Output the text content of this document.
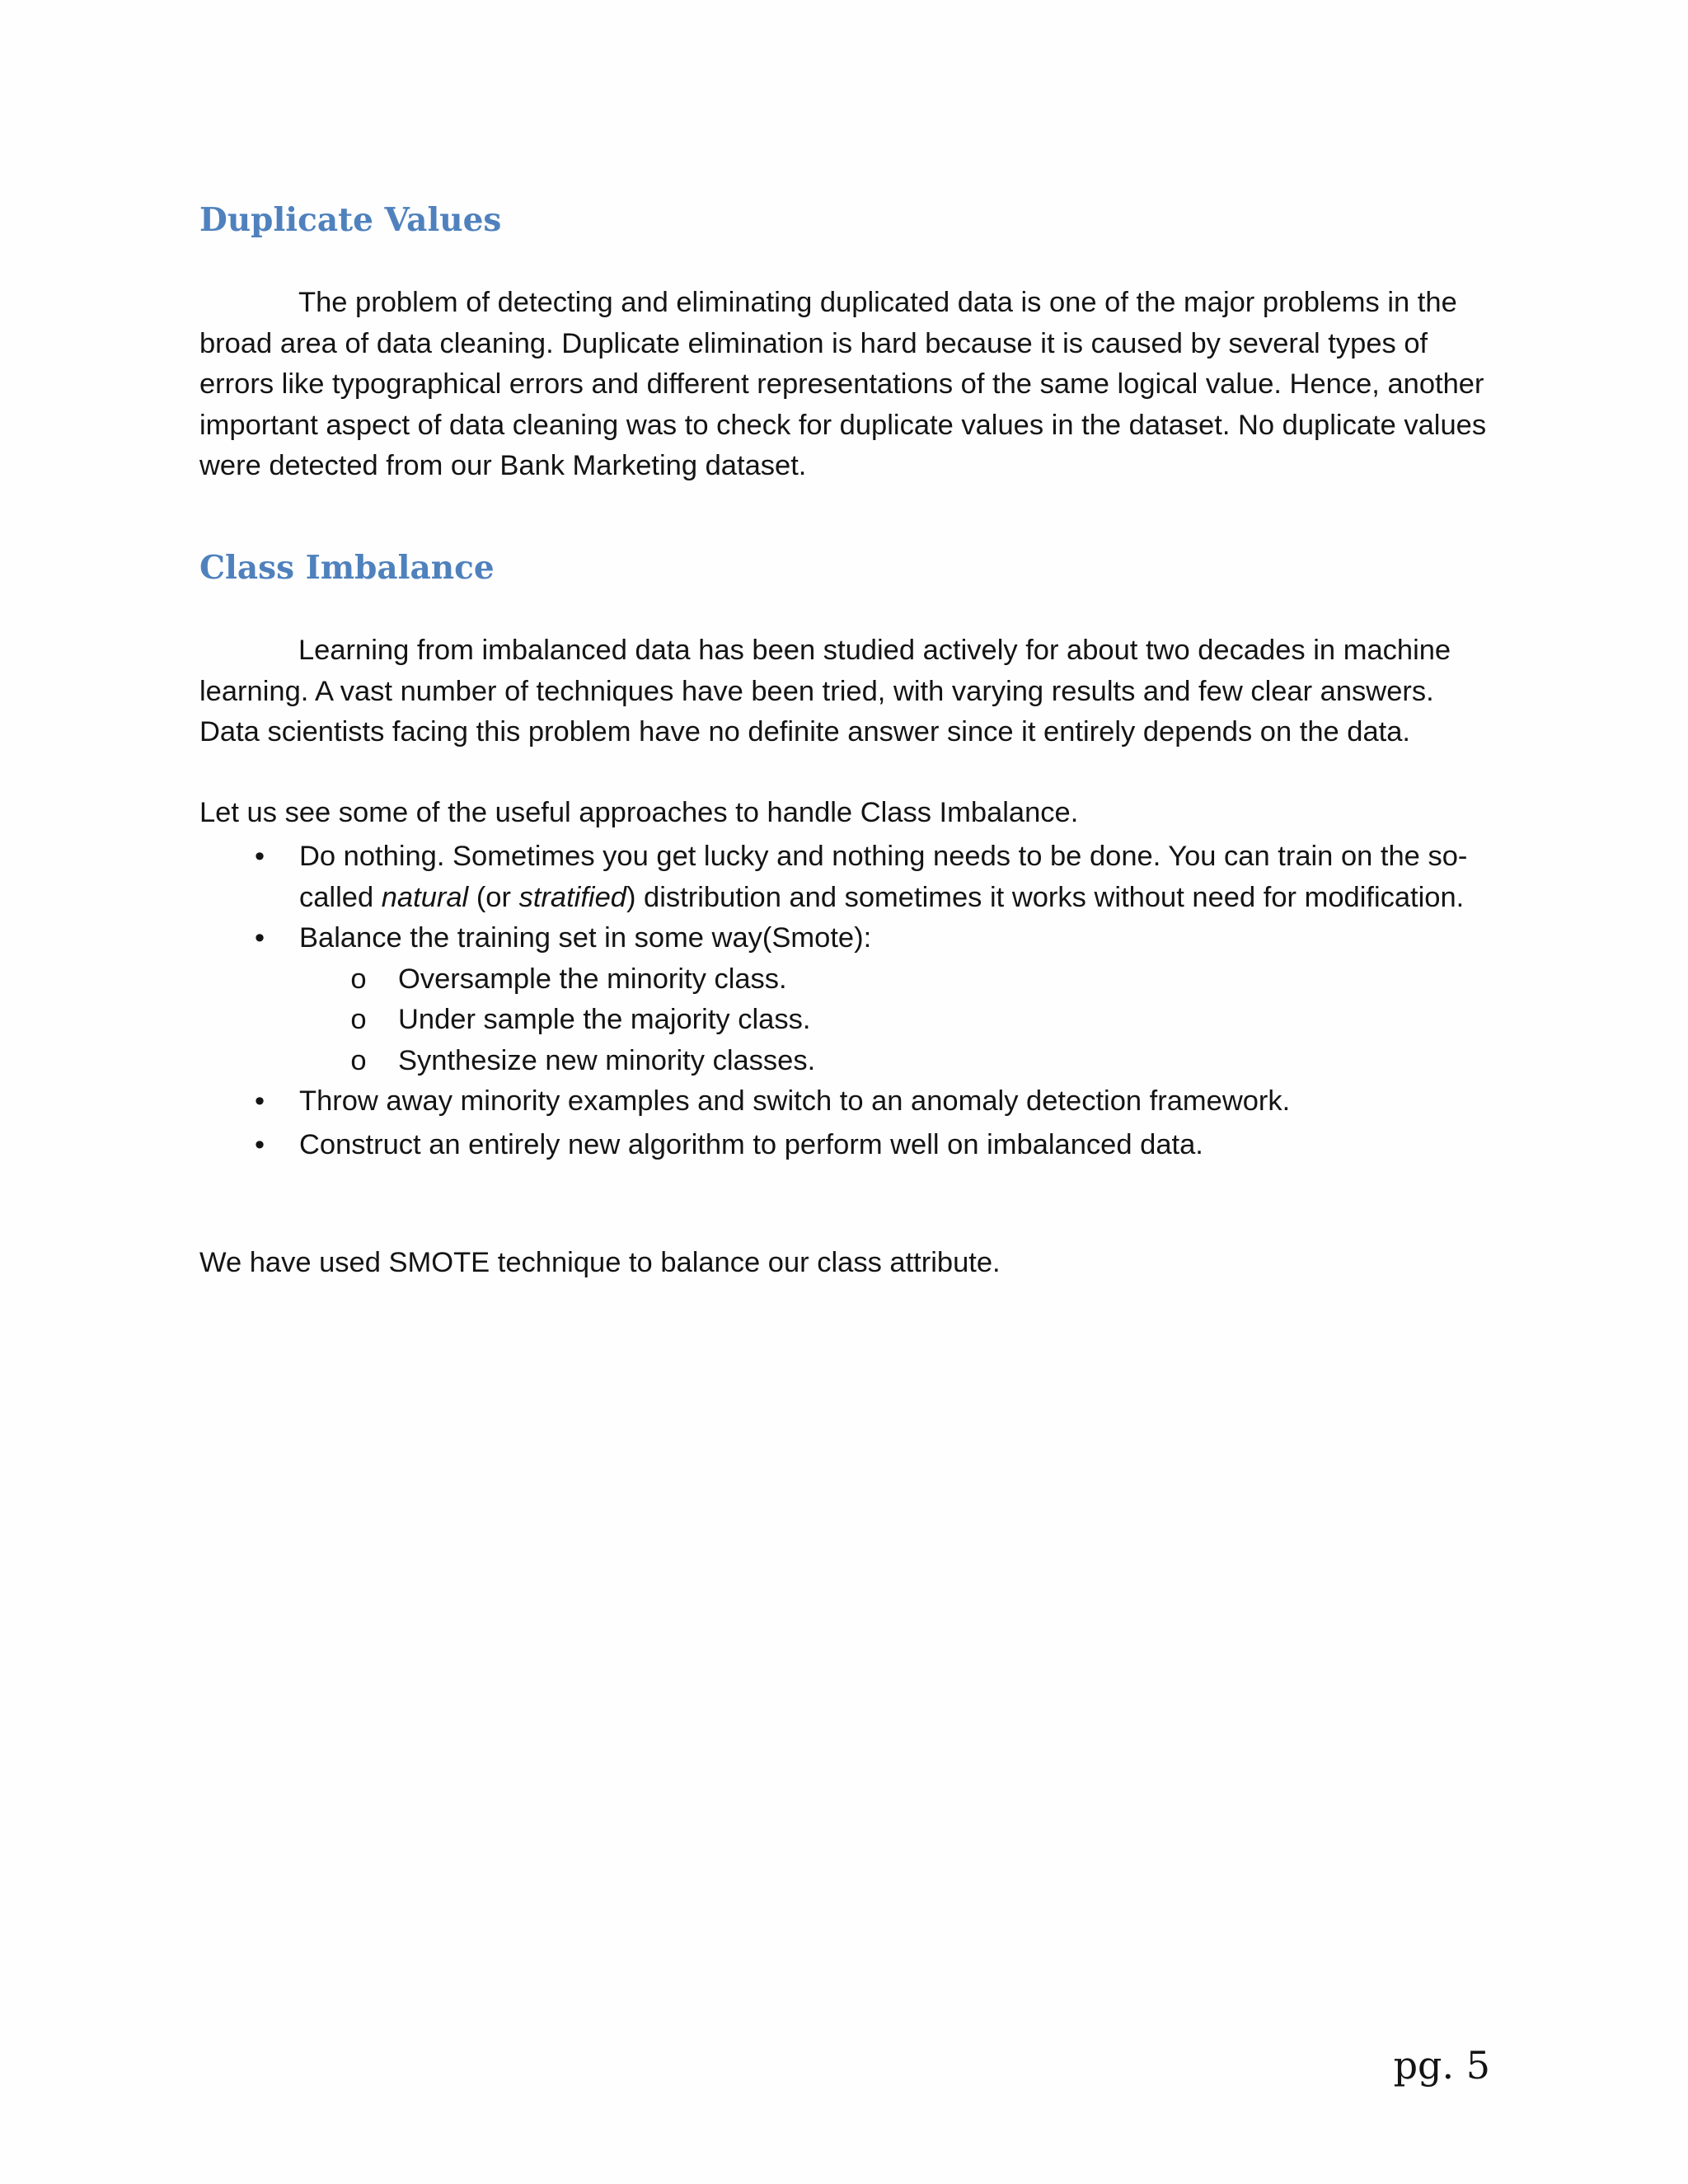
Duplicate Values

The problem of detecting and eliminating duplicated data is one of the major problems in the broad area of data cleaning. Duplicate elimination is hard because it is caused by several types of errors like typographical errors and different representations of the same logical value. Hence, another important aspect of data cleaning was to check for duplicate values in the dataset. No duplicate values were detected from our Bank Marketing dataset.

Class Imbalance

Learning from imbalanced data has been studied actively for about two decades in machine learning. A vast number of techniques have been tried, with varying results and few clear answers. Data scientists facing this problem have no definite answer since it entirely depends on the data.

Let us see some of the useful approaches to handle Class Imbalance.

• Do nothing. Sometimes you get lucky and nothing needs to be done. You can train on the so-called natural (or stratified) distribution and sometimes it works without need for modification.
• Balance the training set in some way(Smote):
o Oversample the minority class.
o Under sample the majority class.
o Synthesize new minority classes.
• Throw away minority examples and switch to an anomaly detection framework.
• Construct an entirely new algorithm to perform well on imbalanced data.

We have used SMOTE technique to balance our class attribute.

pg. 5
